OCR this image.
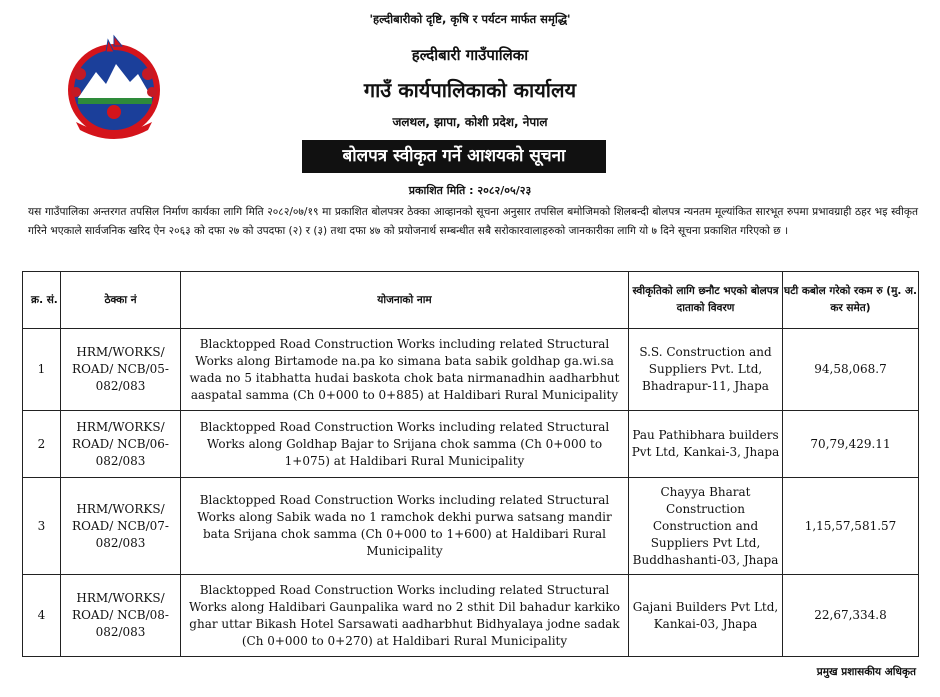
'हल्दीबारीको दृष्टि, कृषि र पर्यटन मार्फत समृद्धि'
हल्दीबारी गाउँपालिका
गाउँ कार्यपालिकाको कार्यालय
जलथल, झापा, कोशी प्रदेश, नेपाल
बोलपत्र स्वीकृत गर्ने आशयको सूचना
प्रकाशित मिति : २०८२/०५/२३
यस गाउँपालिका अन्तरगत तपसिल निर्माण कार्यका लागि मिति २०८२/०७/१९ मा प्रकाशित बोलपत्रर ठेक्का आव्हानको सूचना अनुसार तपसिल बमोजिमको शिलबन्दी बोलपत्र न्यनतम मूल्यांकित सारभूत रुपमा प्रभावग्राही ठहर भइ स्वीकृत गरिने भएकाले सार्वजनिक खरिद ऐन २०६३ को दफा २७ को उपदफा (२) र (३) तथा दफा ४७ को प्रयोजनार्थ सम्बन्धीत सबै सरोकारवालाहरुको जानकारीका लागि यो ७ दिने सूचना प्रकाशित गरिएको छ ।
क्र. सं.	ठेक्का नं	योजनाको नाम	स्वीकृतिको लागि छनौट भएको बोलपत्र दाताको विवरण	घटी कबोल गरेको रकम रु (मु. अ. कर समेत)
1	HRM/WORKS/ ROAD/ NCB/05-082/083	Blacktopped Road Construction Works including related Structural Works along Birtamode na.pa ko simana bata sabik goldhap ga.wi.sa wada no 5 itabhatta hudai baskota chok bata nirmanadhin aadharbhut aaspatal samma (Ch 0+000 to 0+885) at Haldibari Rural Municipality	S.S. Construction and Suppliers Pvt. Ltd, Bhadrapur-11, Jhapa	94,58,068.7
2	HRM/WORKS/ ROAD/ NCB/06-082/083	Blacktopped Road Construction Works including related Structural Works along Goldhap Bajar to Srijana chok samma (Ch 0+000 to 1+075) at Haldibari Rural Municipality	Pau Pathibhara builders Pvt Ltd, Kankai-3, Jhapa	70,79,429.11
3	HRM/WORKS/ ROAD/ NCB/07-082/083	Blacktopped Road Construction Works including related Structural Works along Sabik wada no 1 ramchok dekhi purwa satsang mandir bata Srijana chok samma (Ch 0+000 to 1+600) at Haldibari Rural Municipality	Chayya Bharat Construction Construction and Suppliers Pvt Ltd, Buddhashanti-03, Jhapa	1,15,57,581.57
4	HRM/WORKS/ ROAD/ NCB/08-082/083	Blacktopped Road Construction Works including related Structural Works along Haldibari Gaunpalika ward no 2 sthit Dil bahadur karkiko ghar uttar Bikash Hotel Sarsawati aadharbhut Bidhyalaya jodne sadak (Ch 0+000 to 0+270) at Haldibari Rural Municipality	Gajani Builders Pvt Ltd, Kankai-03, Jhapa	22,67,334.8
प्रमुख प्रशासकीय अधिकृत
